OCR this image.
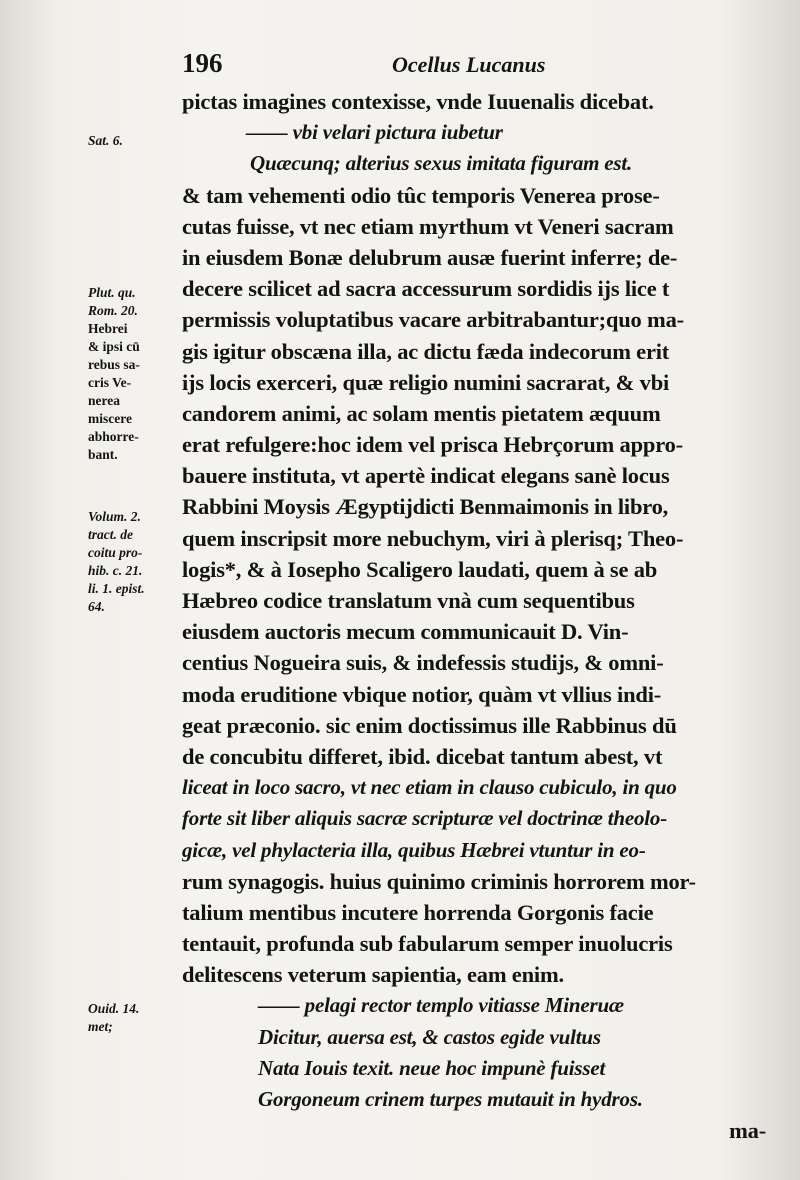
196	Ocellus Lucanus
pictas imagines contexisse, vnde Iuuenalis dicebat.
—— vbi velari pictura iubetur
Quæcunq; alterius sexus imitata figuram est.
& tam vehementi odio tûc temporis Venerea prose-
cutas fuisse, vt nec etiam myrthum vt Veneri sacram
in eiusdem Bonæ delubrum ausæ fuerint inferre; de-
decere scilicet ad sacra accessurum sordidis ijs lice t
permissis voluptatibus vacare arbitrabantur;quo ma-
gis igitur obscæna illa, ac dictu fæda indecorum erit
ijs locis exerceri, quæ religio numini sacrarat, & vbi
candorem animi, ac solam mentis pietatem æquum
erat refulgere:hoc idem vel prisca Hebrçorum appro-
bauere instituta, vt apertè indicat elegans sanè locus
Rabbini Moysis Ægyptijdicti Benmaimonis in libro,
quem inscripsit more nebuchym, viri à plerisq; Theo-
logis*, & à Iosepho Scaligero laudati, quem à se ab
Hæbreo codice translatum vnà cum sequentibus
eiusdem auctoris mecum communicauit D. Vin-
centius Nogueira suis, & indefessis studijs, & omni-
moda eruditione vbique notior, quàm vt vllius indi-
geat præconio. sic enim doctissimus ille Rabbinus dū
de concubitu differet, ibid. dicebat tantum abest, vt
liceat in loco sacro, vt nec etiam in clauso cubiculo, in quo
forte sit liber aliquis sacræ scripturæ vel doctrinæ theolo-
gicæ, vel phylacteria illa, quibus Hæbrei vtuntur in eo-
rum synagogis. huius quinimo criminis horrorem mor-
talium mentibus incutere horrenda Gorgonis facie
tentauit, profunda sub fabularum semper inuolucris
delitescens veterum sapientia, eam enim.
—— pelagi rector templo vitiasse Mineruæ
Dicitur, auersa est, & castos egide vultus
Nata Iouis texit. neue hoc impunè fuisset
Gorgoneum crinem turpes mutauit in hydros.
ma-
Sat. 6.
Plut. qu.
Rom. 20.
Hebrei
& ipsi cū
rebus sa-
cris Ve-
nerea
miscere
abhorre-
bant.
Volum. 2.
tract. de
coitu pro-
hib. c. 21.
li. 1. epist.
64.
Ouid. 14.
met;
